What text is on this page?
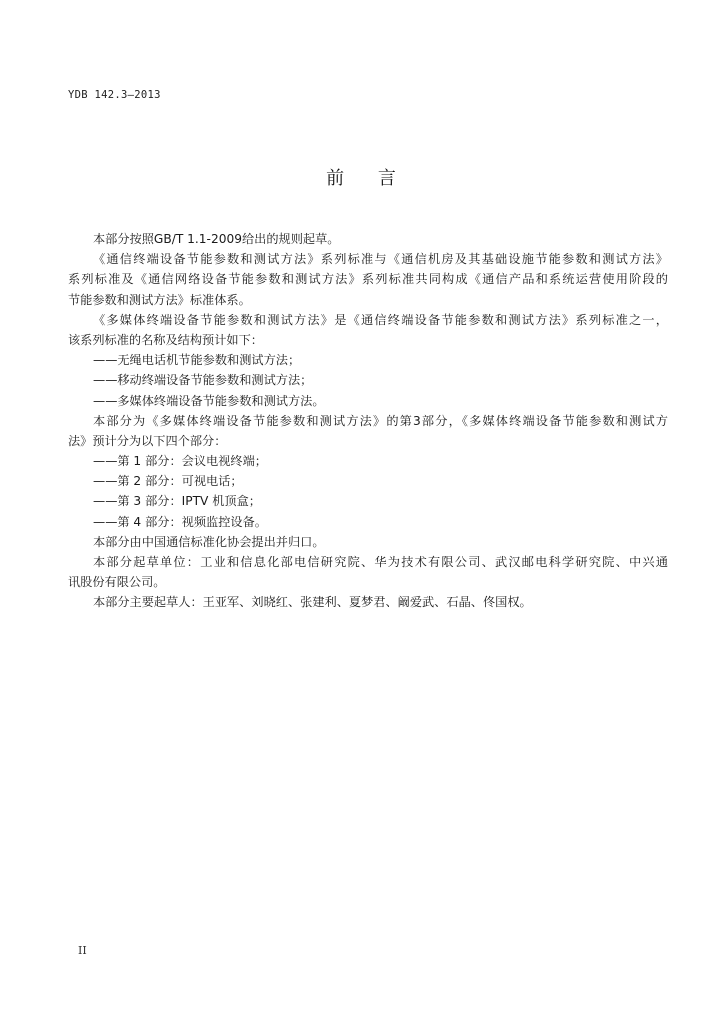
YDB 142.3—2013
前 言
本部分按照GB/T 1.1-2009给出的规则起草。
《通信终端设备节能参数和测试方法》系列标准与《通信机房及其基础设施节能参数和测试方法》
系列标准及《通信网络设备节能参数和测试方法》系列标准共同构成《通信产品和系统运营使用阶段的
节能参数和测试方法》标准体系。
《多媒体终端设备节能参数和测试方法》是《通信终端设备节能参数和测试方法》系列标准之一，
该系列标准的名称及结构预计如下：
——无绳电话机节能参数和测试方法；
——移动终端设备节能参数和测试方法；
——多媒体终端设备节能参数和测试方法。
本部分为《多媒体终端设备节能参数和测试方法》的第3部分，《多媒体终端设备节能参数和测试方
法》预计分为以下四个部分：
——第 1 部分：会议电视终端；
——第 2 部分：可视电话；
——第 3 部分：IPTV 机顶盒；
——第 4 部分：视频监控设备。
本部分由中国通信标准化协会提出并归口。
本部分起草单位：工业和信息化部电信研究院、华为技术有限公司、武汉邮电科学研究院、中兴通
讯股份有限公司。
本部分主要起草人：王亚军、刘晓红、张建利、夏梦君、阚爱武、石晶、佟国权。
II
